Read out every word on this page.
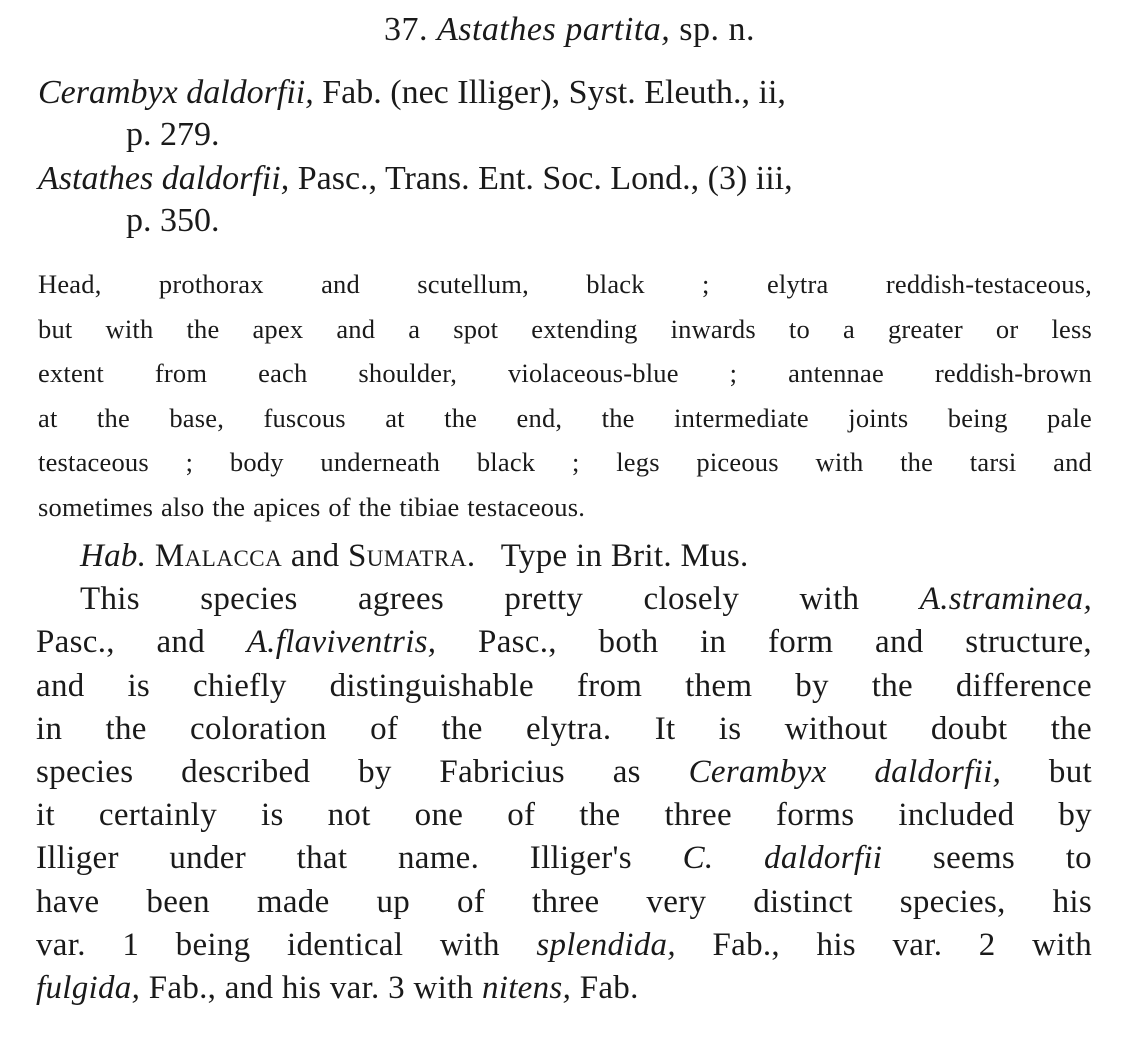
37. Astathes partita, sp. n.
Cerambyx daldorfii, Fab. (nec Illiger), Syst. Eleuth., ii,
p. 279.
Astathes daldorfii, Pasc., Trans. Ent. Soc. Lond., (3) iii,
p. 350.
Head, prothorax and scutellum, black ; elytra reddish-testaceous,
but with the apex and a spot extending inwards to a greater or less
extent from each shoulder, violaceous-blue ; antennae reddish-brown
at the base, fuscous at the end, the intermediate joints being pale
testaceous ; body underneath black ; legs piceous with the tarsi and
sometimes also the apices of the tibiae testaceous.
Hab. Malacca and Sumatra. Type in Brit. Mus.
This species agrees pretty closely with A.straminea,
Pasc., and A.flaviventris, Pasc., both in form and structure,
and is chiefly distinguishable from them by the difference
in the coloration of the elytra. It is without doubt the
species described by Fabricius as Cerambyx daldorfii, but
it certainly is not one of the three forms included by
Illiger under that name. Illiger's C. daldorfii seems to
have been made up of three very distinct species, his
var. 1 being identical with splendida, Fab., his var. 2 with
fulgida, Fab., and his var. 3 with nitens, Fab.
